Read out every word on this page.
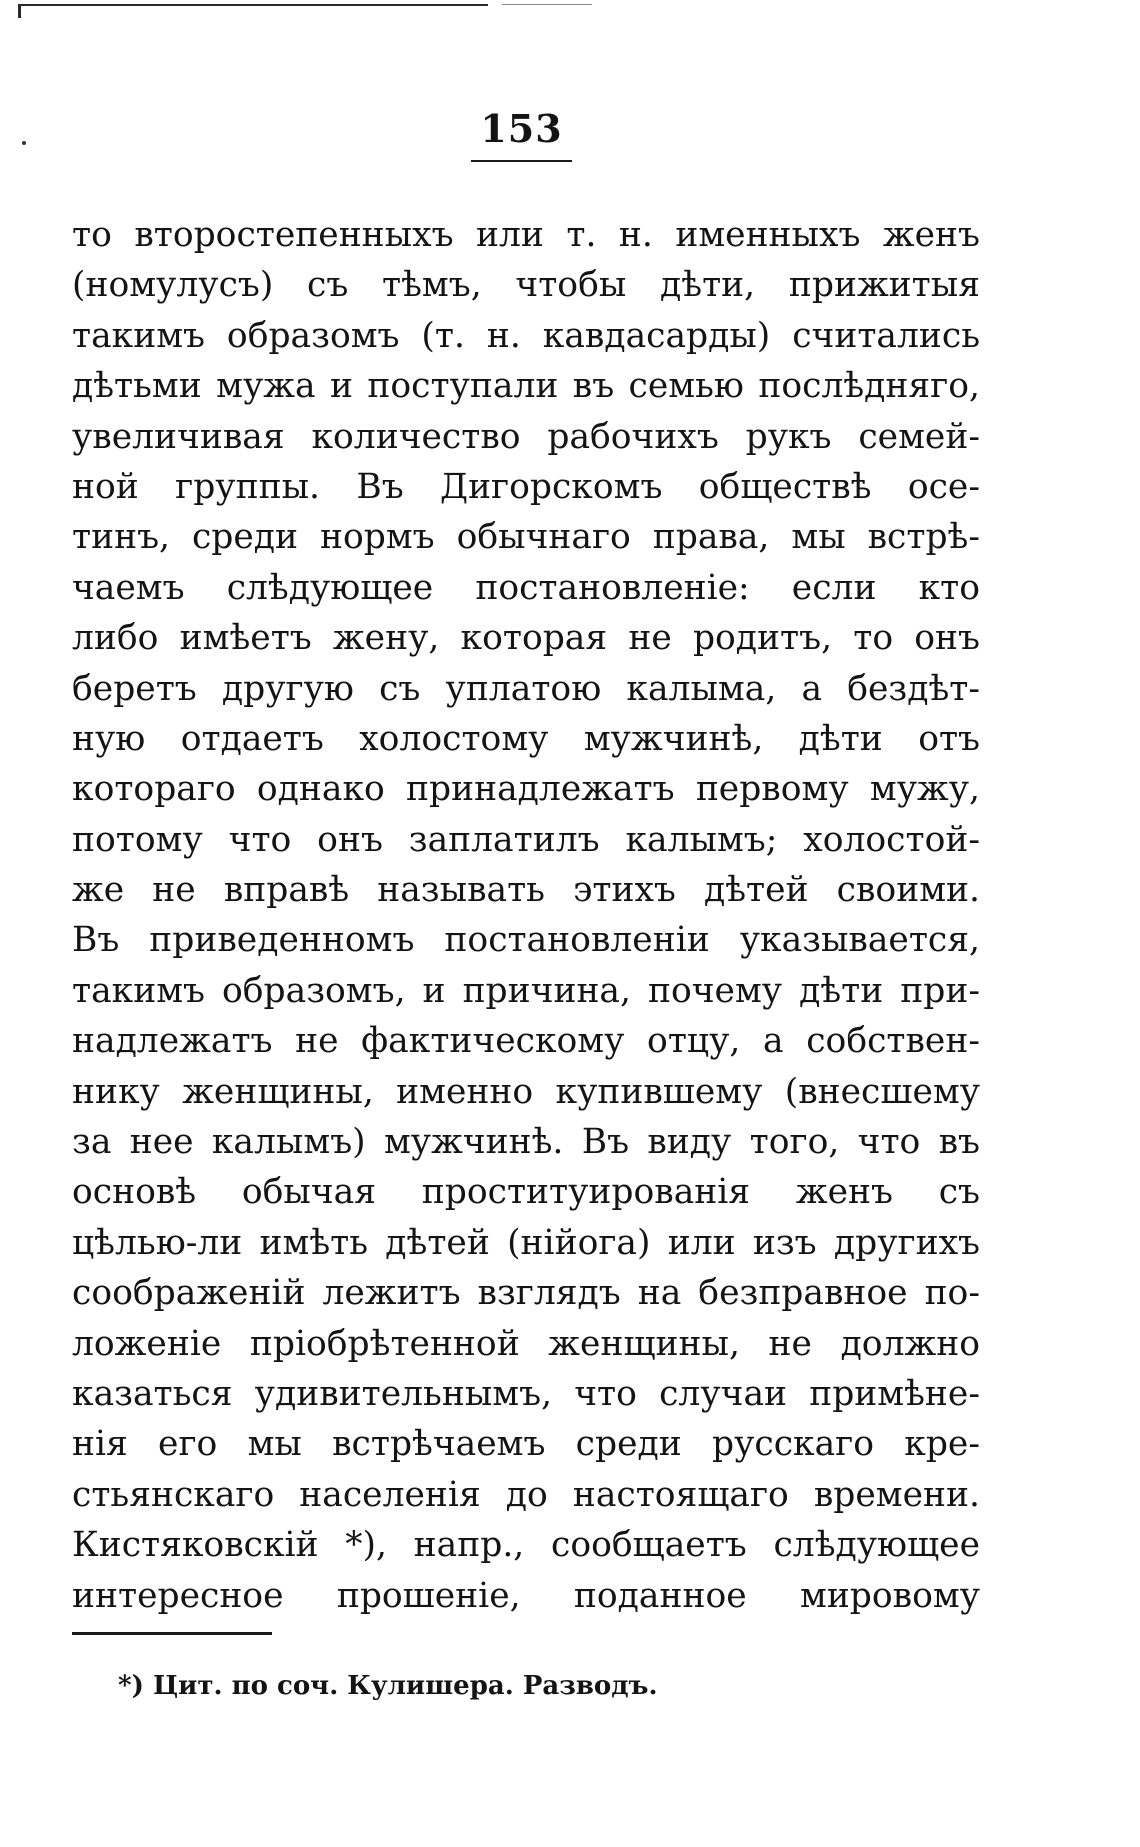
153
то второстепенныхъ или т. н. именныхъ женъ
(номулусъ) съ тѣмъ, чтобы дѣти, прижитыя
такимъ образомъ (т. н. кавдасарды) считались
дѣтьми мужа и поступали въ семью послѣдняго,
увеличивая количество рабочихъ рукъ семей-
ной группы. Въ Дигорскомъ обществѣ осе-
тинъ, среди нормъ обычнаго права, мы встрѣ-
чаемъ слѣдующее постановленіе: если кто
либо имѣетъ жену, которая не родитъ, то онъ
беретъ другую съ уплатою калыма, а бездѣт-
ную отдаетъ холостому мужчинѣ, дѣти отъ
котораго однако принадлежатъ первому мужу,
потому что онъ заплатилъ калымъ; холостой-
же не вправѣ называть этихъ дѣтей своими.
Въ приведенномъ постановленіи указывается,
такимъ образомъ, и причина, почему дѣти при-
надлежатъ не фактическому отцу, а собствен-
нику женщины, именно купившему (внесшему
за нее калымъ) мужчинѣ. Въ виду того, что въ
основѣ обычая проституированія женъ съ
цѣлью-ли имѣть дѣтей (нійога) или изъ другихъ
соображеній лежитъ взглядъ на безправное по-
ложеніе пріобрѣтенной женщины, не должно
казаться удивительнымъ, что случаи примѣне-
нія его мы встрѣчаемъ среди русскаго кре-
стьянскаго населенія до настоящаго времени.
Кистяковскій *), напр., сообщаетъ слѣдующее
интересное прошеніе, поданное мировому
*) Цит. по соч. Кулишера. Разводъ.
